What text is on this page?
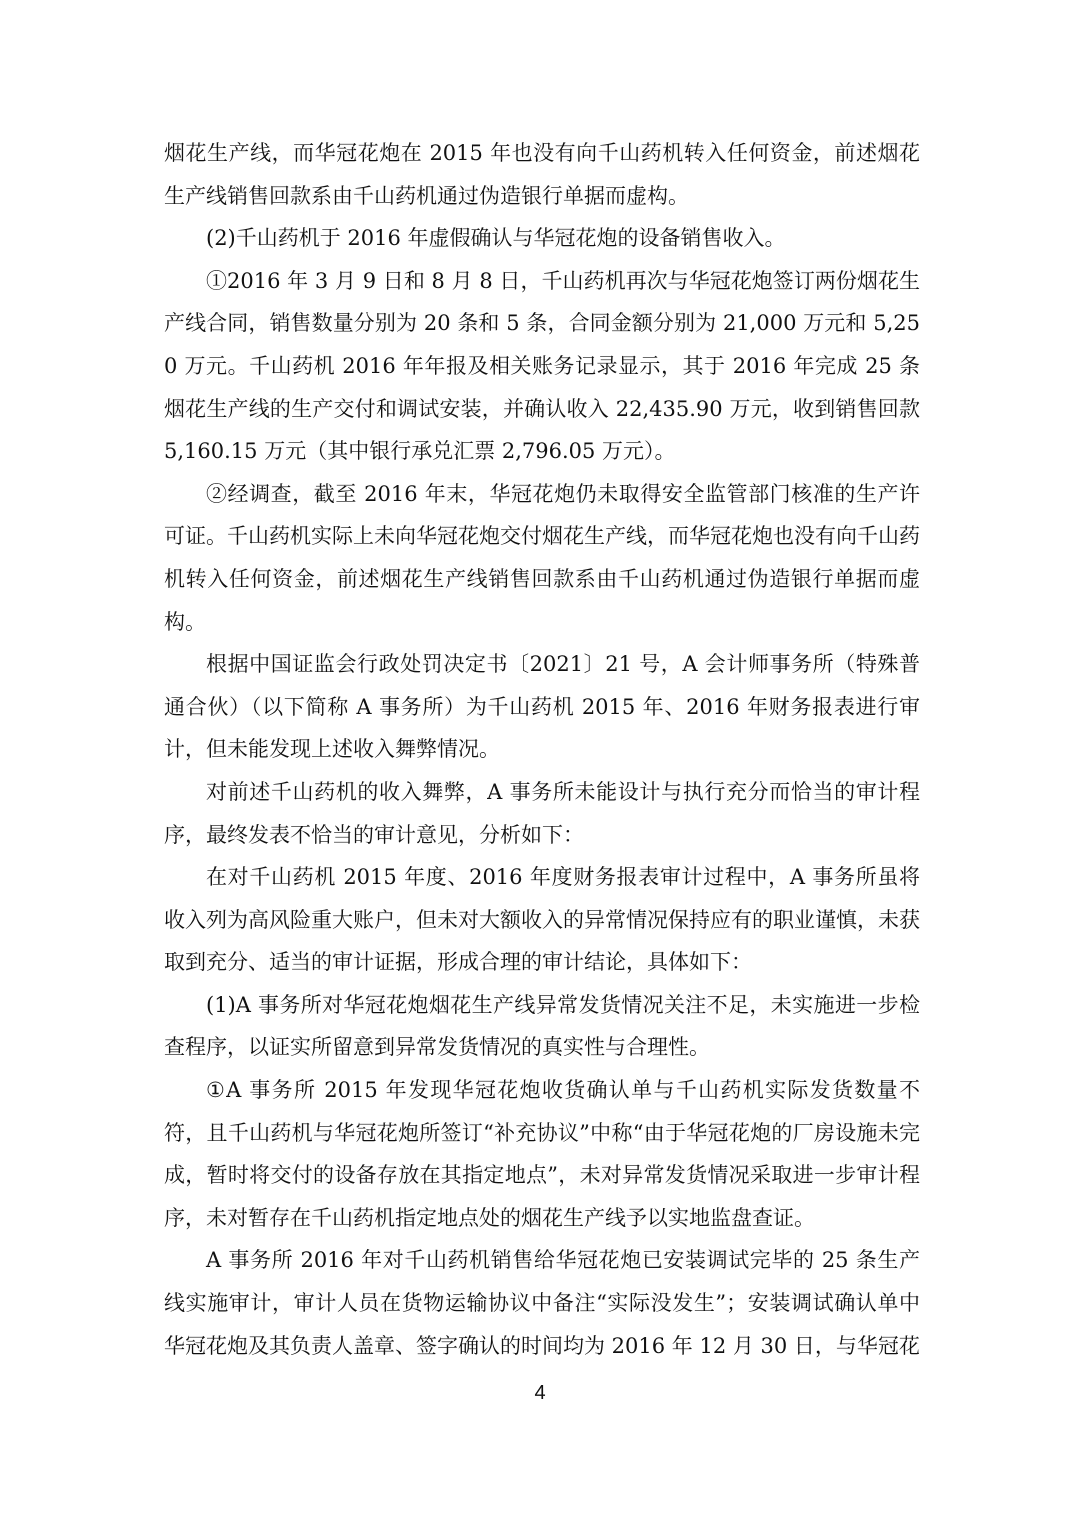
烟花生产线，而华冠花炮在 2015 年也没有向千山药机转入任何资金，前述烟花生产线销售回款系由千山药机通过伪造银行单据而虚构。

(2)千山药机于 2016 年虚假确认与华冠花炮的设备销售收入。

①2016 年 3 月 9 日和 8 月 8 日，千山药机再次与华冠花炮签订两份烟花生产线合同，销售数量分别为 20 条和 5 条，合同金额分别为 21,000 万元和 5,250 万元。千山药机 2016 年年报及相关账务记录显示，其于 2016 年完成 25 条烟花生产线的生产交付和调试安装，并确认收入 22,435.90 万元，收到销售回款 5,160.15 万元（其中银行承兑汇票 2,796.05 万元）。

②经调查，截至 2016 年末，华冠花炮仍未取得安全监管部门核准的生产许可证。千山药机实际上未向华冠花炮交付烟花生产线，而华冠花炮也没有向千山药机转入任何资金，前述烟花生产线销售回款系由千山药机通过伪造银行单据而虚构。

根据中国证监会行政处罚决定书〔2021〕21 号，A 会计师事务所（特殊普通合伙）（以下简称 A 事务所）为千山药机 2015 年、2016 年财务报表进行审计，但未能发现上述收入舞弊情况。

对前述千山药机的收入舞弊，A 事务所未能设计与执行充分而恰当的审计程序，最终发表不恰当的审计意见，分析如下：

在对千山药机 2015 年度、2016 年度财务报表审计过程中，A 事务所虽将收入列为高风险重大账户，但未对大额收入的异常情况保持应有的职业谨慎，未获取到充分、适当的审计证据，形成合理的审计结论，具体如下：

(1)A 事务所对华冠花炮烟花生产线异常发货情况关注不足，未实施进一步检查程序，以证实所留意到异常发货情况的真实性与合理性。

①A 事务所 2015 年发现华冠花炮收货确认单与千山药机实际发货数量不符，且千山药机与华冠花炮所签订“补充协议”中称“由于华冠花炮的厂房设施未完成，暂时将交付的设备存放在其指定地点”，未对异常发货情况采取进一步审计程序，未对暂存在千山药机指定地点处的烟花生产线予以实地监盘查证。

A 事务所 2016 年对千山药机销售给华冠花炮已安装调试完毕的 25 条生产线实施审计，审计人员在货物运输协议中备注“实际没发生”；安装调试确认单中华冠花炮及其负责人盖章、签字确认的时间均为 2016 年 12 月 30 日，与华冠花

4
